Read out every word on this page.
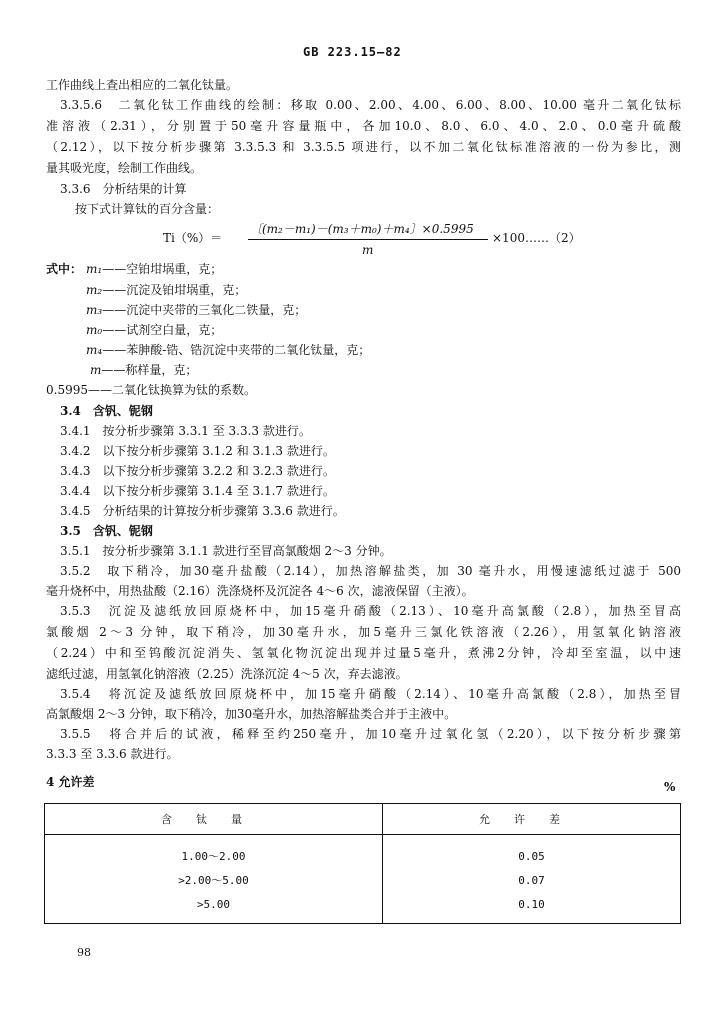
GB 223.15—82
工作曲线上查出相应的二氧化钛量。
3.3.5.6　二氧化钛工作曲线的绘制：移取 0.00、2.00、4.00、6.00、8.00、10.00 毫升二氧化钛标
准溶液（2.31），分别置于50毫升容量瓶中，各加10.0、8.0、6.0、4.0、2.0、0.0毫升硫酸
（2.12），以下按分析步骤第 3.3.5.3 和 3.3.5.5 项进行，以不加二氧化钛标准溶液的一份为参比，测
量其吸光度，绘制工作曲线。
3.3.6　分析结果的计算
按下式计算钛的百分含量：
Ti（%）＝
〔(m₂－m₁)－(m₃＋m₀)＋m₄〕×0.5995
m
×100……（2）
式中： m₁——空铂坩埚重，克；
m₂——沉淀及铂坩埚重，克；
m₃——沉淀中夹带的三氧化二铁量，克；
m₀——试剂空白量，克；
m₄——苯胂酸-锆、锆沉淀中夹带的二氧化钛量，克；
m——称样量，克；
0.5995——二氧化钛换算为钛的系数。
3.4　含钒、铌钢
3.4.1　按分析步骤第 3.3.1 至 3.3.3 款进行。
3.4.2　以下按分析步骤第 3.1.2 和 3.1.3 款进行。
3.4.3　以下按分析步骤第 3.2.2 和 3.2.3 款进行。
3.4.4　以下按分析步骤第 3.1.4 至 3.1.7 款进行。
3.4.5　分析结果的计算按分析步骤第 3.3.6 款进行。
3.5　含钒、铌钢
3.5.1　按分析步骤第 3.1.1 款进行至冒高氯酸烟 2～3 分钟。
3.5.2　取下稍冷，加30毫升盐酸（2.14），加热溶解盐类，加 30 毫升水，用慢速滤纸过滤于 500
毫升烧杯中，用热盐酸（2.16）洗涤烧杯及沉淀各 4～6 次，滤液保留（主液）。
3.5.3　沉淀及滤纸放回原烧杯中，加15毫升硝酸（2.13）、10毫升高氯酸（2.8），加热至冒高
氯酸烟 2～3 分钟，取下稍冷，加30毫升水，加5毫升三氯化铁溶液（2.26），用氢氧化钠溶液
（2.24）中和至钨酸沉淀消失、氢氧化物沉淀出现并过量5毫升，煮沸2分钟，冷却至室温，以中速
滤纸过滤，用氢氧化钠溶液（2.25）洗涤沉淀 4～5 次，弃去滤液。
3.5.4　将沉淀及滤纸放回原烧杯中，加15毫升硝酸（2.14）、10毫升高氯酸（2.8），加热至冒
高氯酸烟 2～3 分钟，取下稍冷，加30毫升水，加热溶解盐类合并于主液中。
3.5.5　将合并后的试液，稀释至约250毫升，加10毫升过氧化氢（2.20），以下按分析步骤第
3.3.3 至 3.3.6 款进行。
4 允许差	%
含钛量	允许差
1.00～2.00	0.05
>2.00～5.00	0.07
>5.00	0.10
98
